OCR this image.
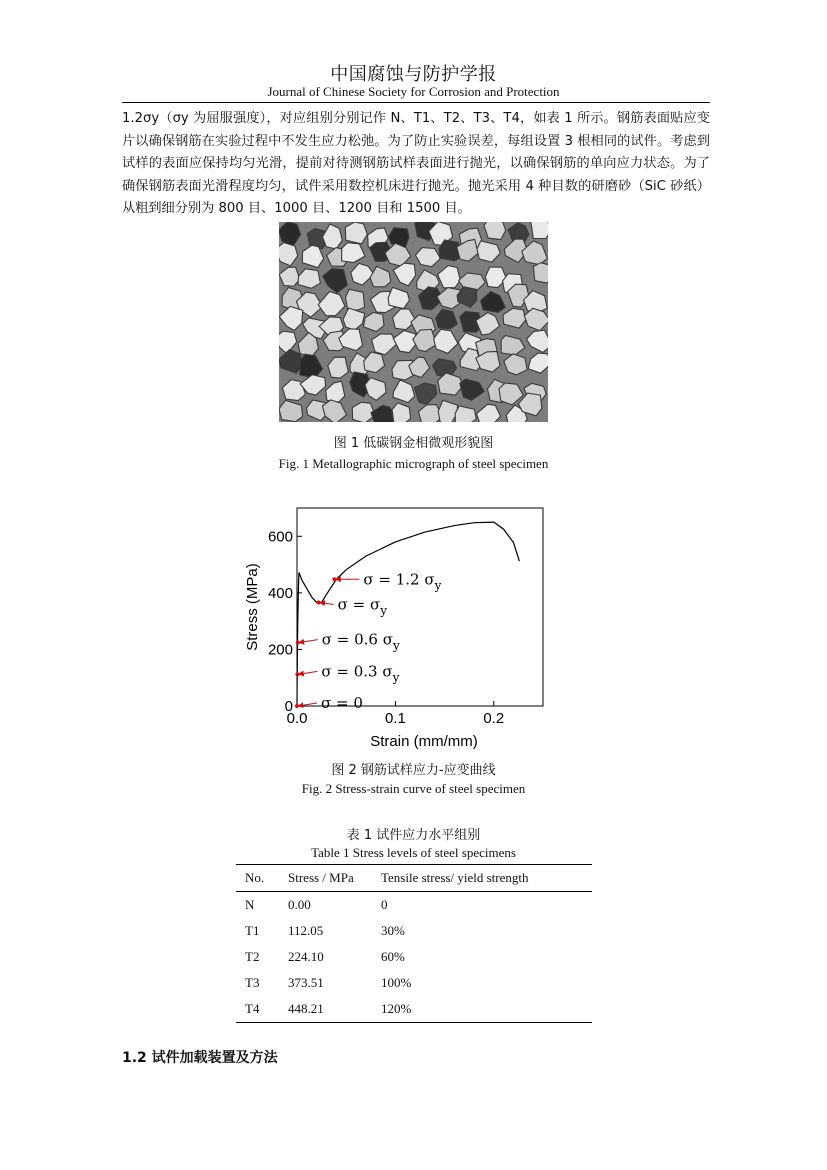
中国腐蚀与防护学报
Journal of Chinese Society for Corrosion and Protection

1.2σy（σy 为屈服强度），对应组别分别记作 N、T1、T2、T3、T4，如表 1 所示。钢筋表面贴应变片以确保钢筋在实验过程中不发生应力松弛。为了防止实验误差，每组设置 3 根相同的试件。考虑到试样的表面应保持均匀光滑，提前对待测钢筋试样表面进行抛光，以确保钢筋的单向应力状态。为了确保钢筋表面光滑程度均匀，试件采用数控机床进行抛光。抛光采用 4 种目数的研磨砂（SiC 砂纸）从粗到细分别为 800 目、1000 目、1200 目和 1500 目。

图 1 低碳钢金相微观形貌图
Fig. 1 Metallographic micrograph of steel specimen
0.0	0.1	0.2
0
200
400
600
Strain (mm/mm)
Stress (MPa)	σ = 1.2 $\sigma_y$
$\sigma = \sigma_y$
σ = 0.6 $\sigma_y$
σ = 0.3 $\sigma_y$
σ = 0
图 2 钢筋试样应力-应变曲线
Fig. 2 Stress-strain curve of steel specimen
表 1 试件应力水平组别
Table 1 Stress levels of steel specimens
No.	Stress / MPa	Tensile stress/ yield strength
N	0.00	0
T1	112.05	30%
T2	224.10	60%
T3	373.51	100%
T4	448.21	120%
1.2 试件加载装置及方法
